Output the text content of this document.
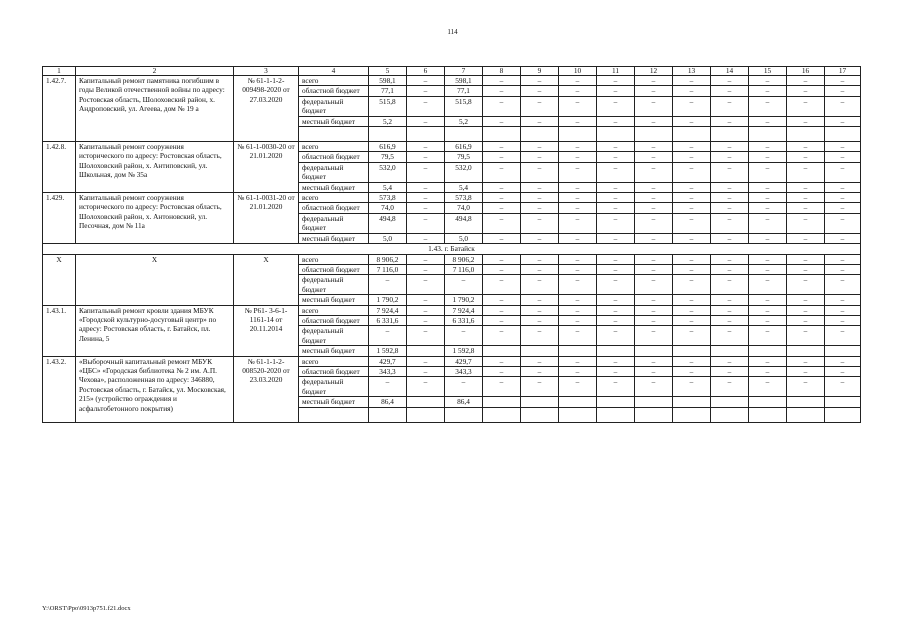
114
1	2	3	4	5	6	7	8	9	10	11	12	13	14	15	16	17
1.42.7.	Капитальный ремонт памятника погибшим в годы Великой отечественной войны по адресу: Ростовская область, Шолоховский район, х. Андроповский, ул. Агеева, дом № 19 а	№ 61-1-1-2-009498-2020 от 27.03.2020	всего	598,1	–	598,1	–	–	–	–	–	–	–	–	–	–
			областной бюджет	77,1	–	77,1	–	–	–	–	–	–	–	–	–	–
			федеральный бюджет	515,8	–	515,8	–	–	–	–	–	–	–	–	–	–
			местный бюджет	5,2	–	5,2	–	–	–	–	–	–	–	–	–	–

1.42.8.	Капитальный ремонт сооружения исторического по адресу: Ростовская область, Шолоховский район, х. Антиповский, ул. Школьная, дом № 35а	№ 61-1-0030-20 от 21.01.2020	всего	616,9	–	616,9	–	–	–	–	–	–	–	–	–	–
			областной бюджет	79,5	–	79,5	–	–	–	–	–	–	–	–	–	–
			федеральный бюджет	532,0	–	532,0	–	–	–	–	–	–	–	–	–	–
			местный бюджет	5,4	–	5,4	–	–	–	–	–	–	–	–	–	–
1.429.	Капитальный ремонт сооружения исторического по адресу: Ростовская область, Шолоховский район, х. Антоновский, ул. Песочная, дом № 11а	№ 61-1-0031-20 от 21.01.2020	всего	573,8	–	573,8	–	–	–	–	–	–	–	–	–	–
			областной бюджет	74,0	–	74,0	–	–	–	–	–	–	–	–	–	–
			федеральный бюджет	494,8	–	494,8	–	–	–	–	–	–	–	–	–	–
			местный бюджет	5,0	–	5,0	–	–	–	–	–	–	–	–	–	–
1.43. г. Батайск																
Х	Х	Х	всего	8 906,2	–	8 906,2	–	–	–	–	–	–	–	–	–	–
			областной бюджет	7 116,0	–	7 116,0	–	–	–	–	–	–	–	–	–	–
			федеральный бюджет	–	–	–	–	–	–	–	–	–	–	–	–	–
			местный бюджет	1 790,2	–	1 790,2	–	–	–	–	–	–	–	–	–	–
1.43.1.	Капитальный ремонт кровли здания МБУК «Городской культурно-досуговый центр» по адресу: Ростовская область, г. Батайск, пл. Ленина, 5	№ Р61- 3-6-1-1161-14 от 20.11.2014	всего	7 924,4	–	7 924,4	–	–	–	–	–	–	–	–	–	–
			областной бюджет	6 331,6	–	6 331,6	–	–	–	–	–	–	–	–	–	–
			федеральный бюджет	–	–	–	–	–	–	–	–	–	–	–	–	–
			местный бюджет	1 592,8		1 592,8										
1.43.2.	«Выборочный капитальный ремонт МБУК «ЦБС» «Городская библиотека № 2 им. А.П. Чехова», расположенная по адресу: 346880, Ростовская область, г. Батайск, ул. Московская, 215» (устройство ограждения и асфальтобетонного покрытия)	№ 61-1-1-2-008520-2020 от 23.03.2020	всего	429,7	–	429,7	–	–	–	–	–	–	–	–	–	–
			областной бюджет	343,3	–	343,3	–	–	–	–	–	–	–	–	–	–
			федеральный бюджет	–	–	–	–	–	–	–	–	–	–	–	–	–
			местный бюджет	86,4		86,4										

Y:\ORST\Ppo\0913p751.f21.docx
